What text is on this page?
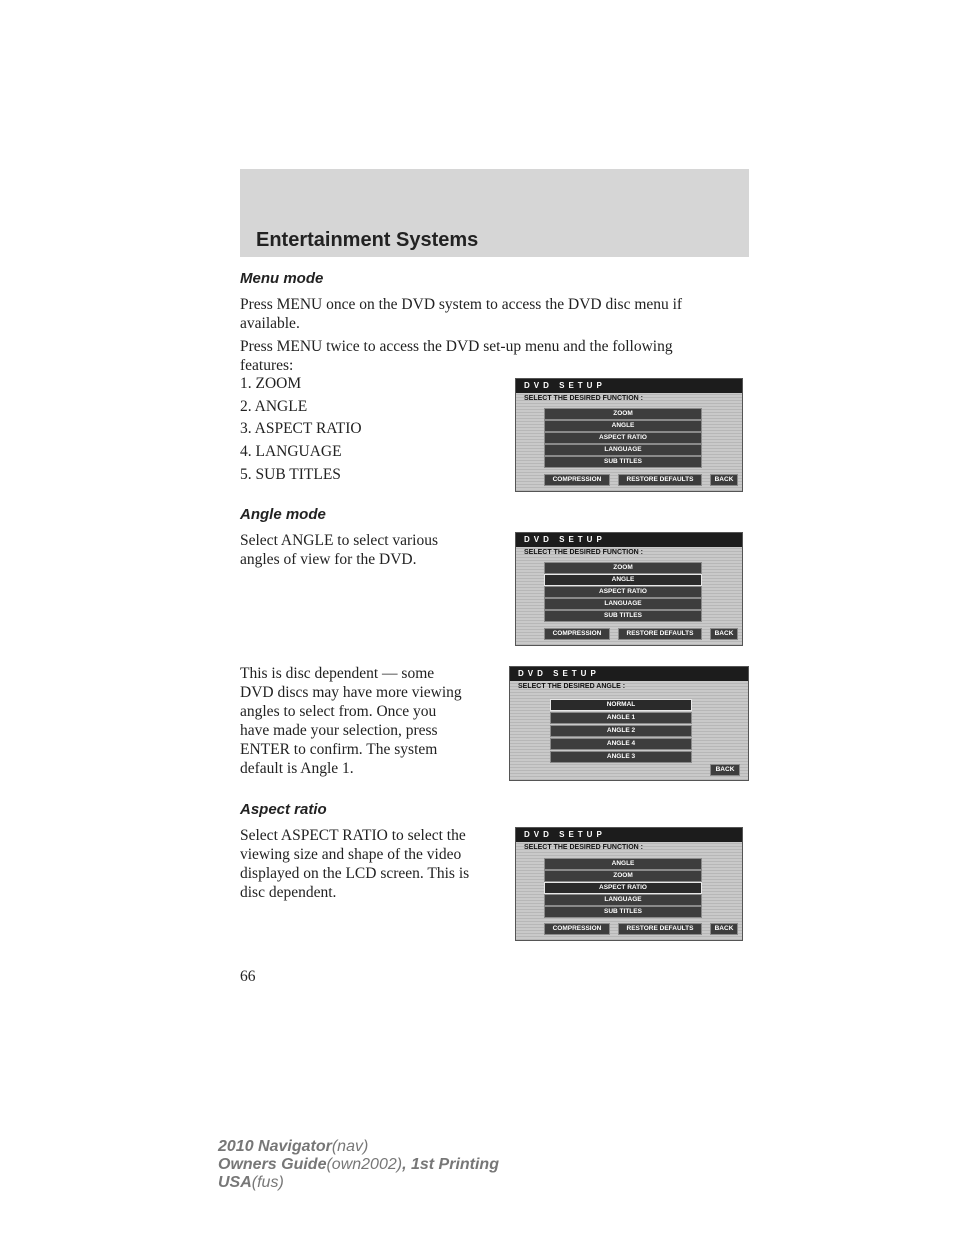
Entertainment Systems
Menu mode
Press MENU once on the DVD system to access the DVD disc menu if
available.
Press MENU twice to access the DVD set-up menu and the following
features:
1. ZOOM
2. ANGLE
3. ASPECT RATIO
4. LANGUAGE
5. SUB TITLES
DVD SETUP
SELECT THE DESIRED FUNCTION :
ZOOM
ANGLE
ASPECT RATIO
LANGUAGE
SUB TITLES
COMPRESSION	RESTORE DEFAULTS	BACK
Angle mode
Select ANGLE to select various
angles of view for the DVD.
DVD SETUP
SELECT THE DESIRED FUNCTION :
ZOOM
ANGLE
ASPECT RATIO
LANGUAGE
SUB TITLES
COMPRESSION	RESTORE DEFAULTS	BACK
This is disc dependent — some
DVD discs may have more viewing
angles to select from. Once you
have made your selection, press
ENTER to confirm. The system
default is Angle 1.
DVD SETUP
SELECT THE DESIRED ANGLE :
NORMAL
ANGLE 1
ANGLE 2
ANGLE 4
ANGLE 3
BACK
Aspect ratio
Select ASPECT RATIO to select the
viewing size and shape of the video
displayed on the LCD screen. This is
disc dependent.
DVD SETUP
SELECT THE DESIRED FUNCTION :
ANGLE
ZOOM
ASPECT RATIO
LANGUAGE
SUB TITLES
COMPRESSION	RESTORE DEFAULTS	BACK
66
2010 Navigator(nav)
Owners Guide(own2002), 1st Printing
USA(fus)
